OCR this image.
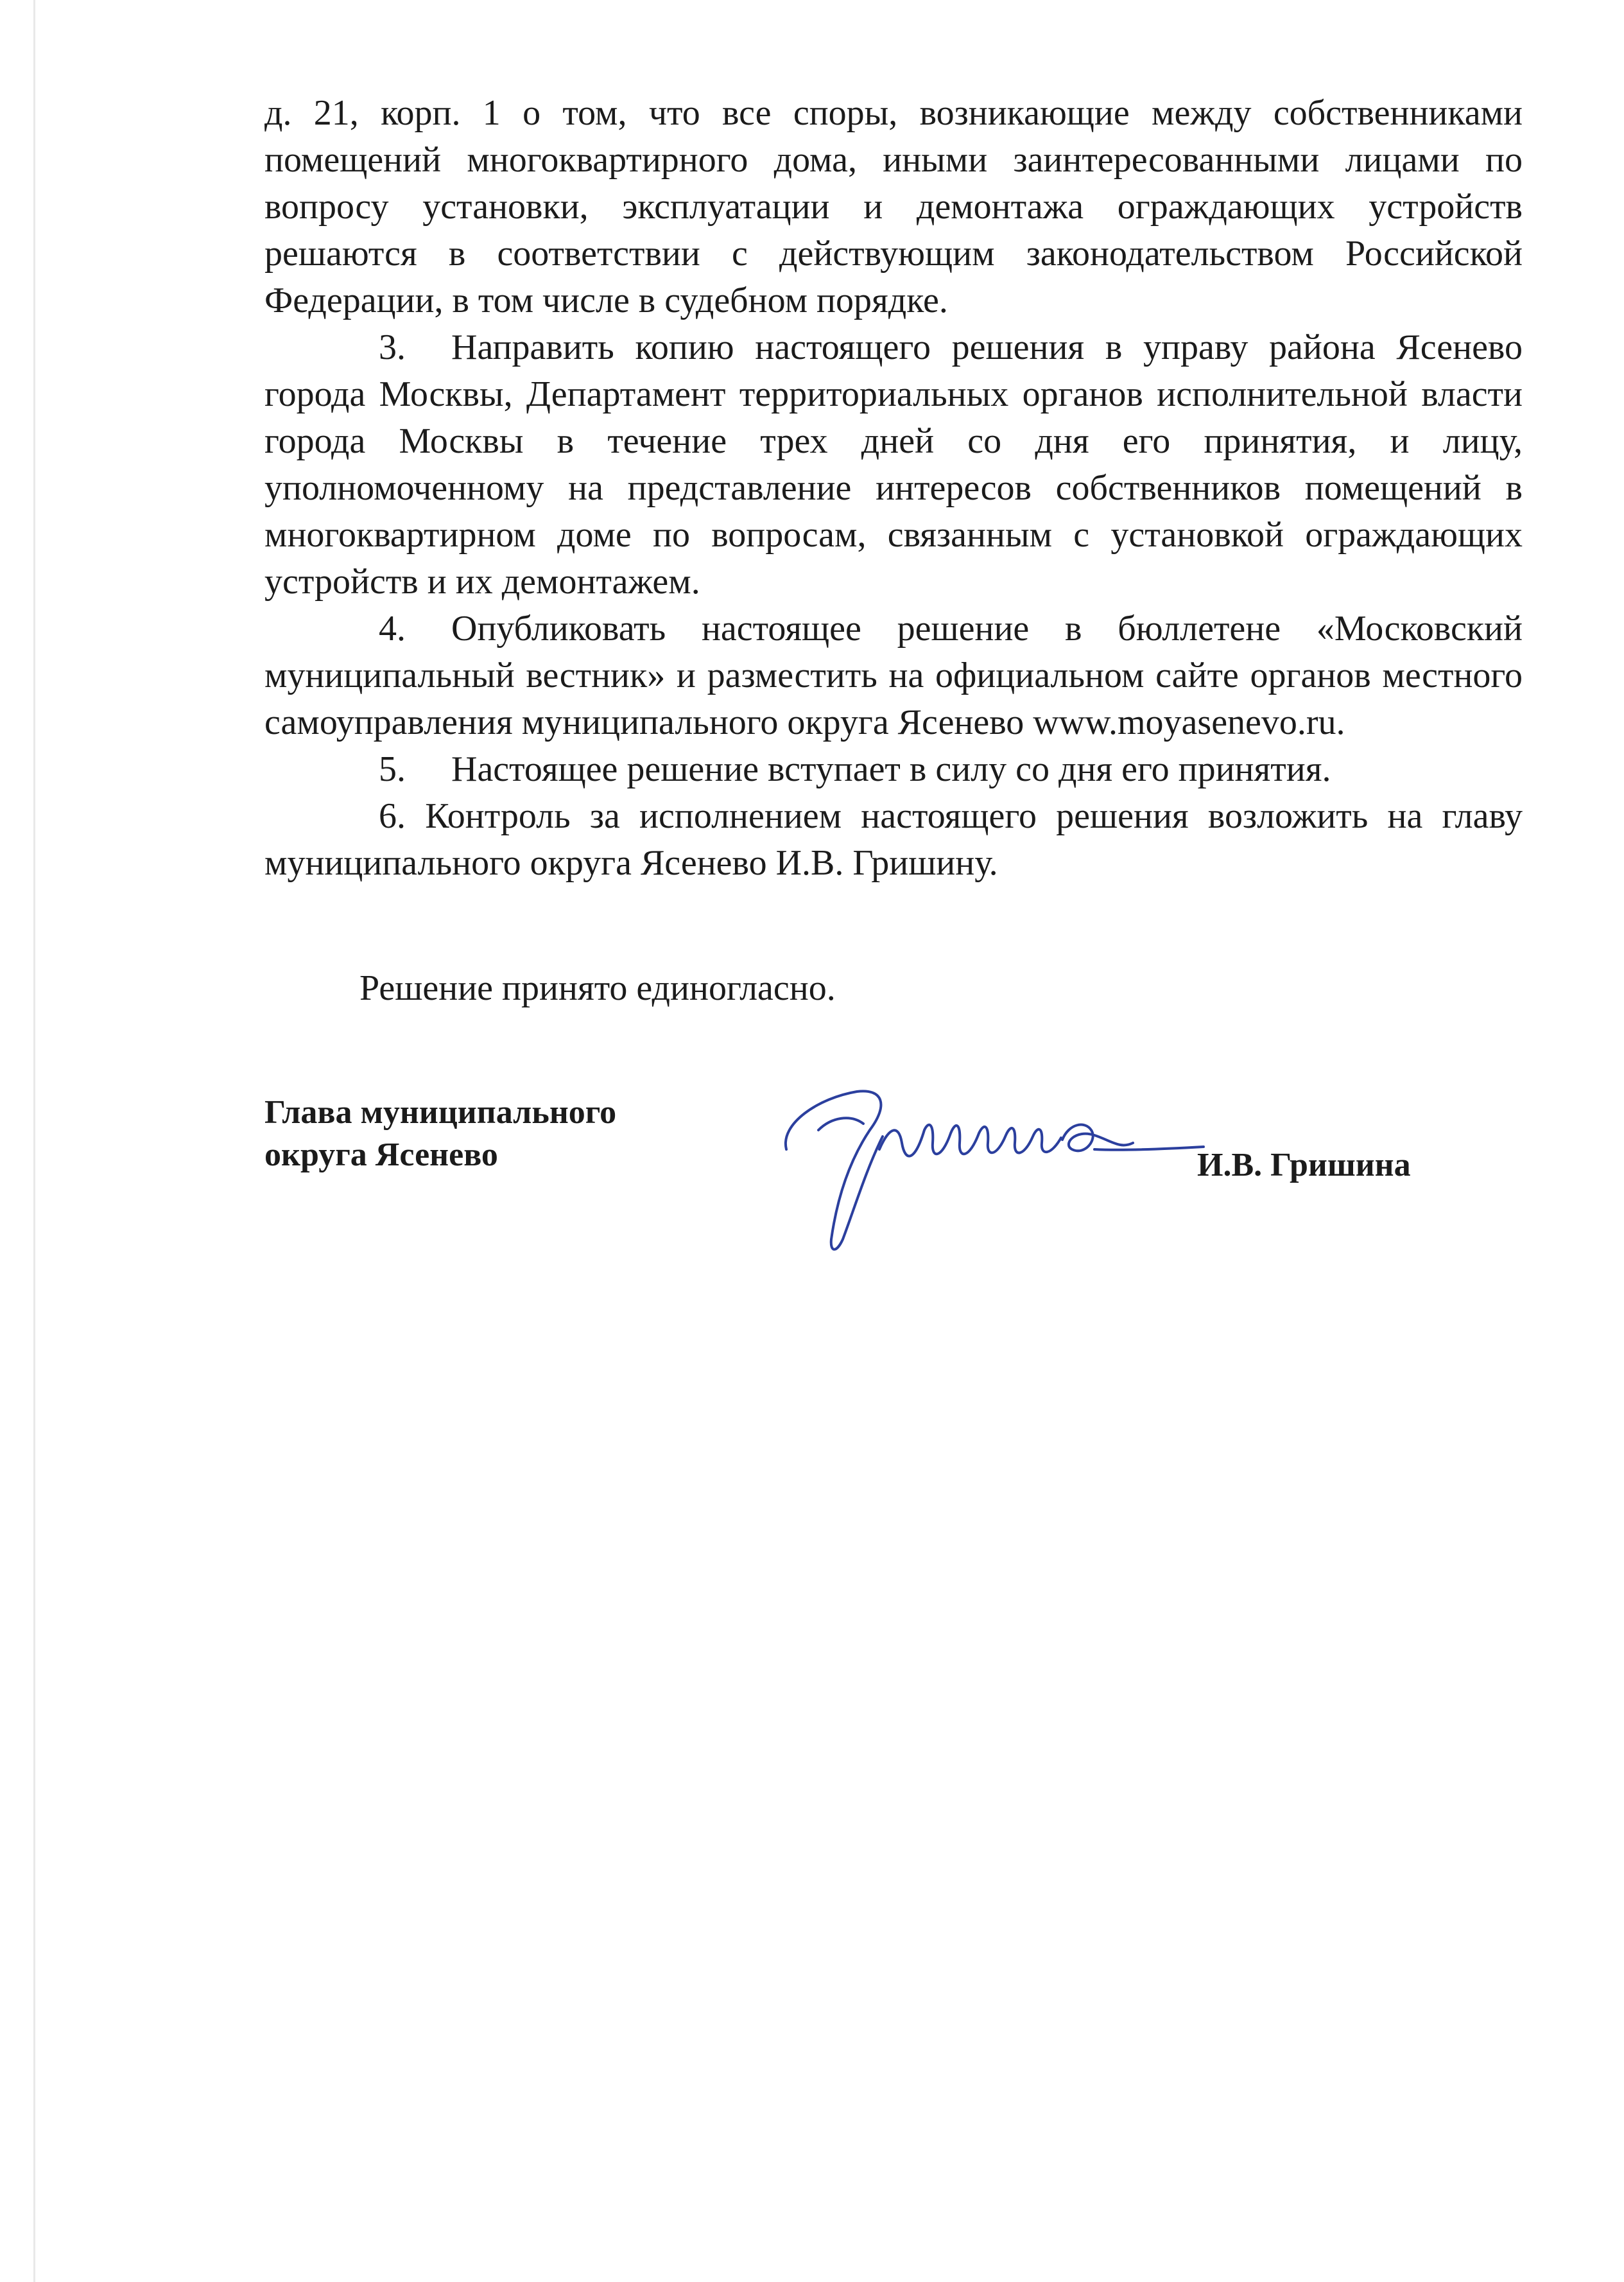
д. 21, корп. 1 о том, что все споры, возникающие между собственниками помещений многоквартирного дома, иными заинтересованными лицами по вопросу установки, эксплуатации и демонтажа ограждающих устройств решаются в соответствии с действующим законодательством Российской Федерации, в том числе в судебном порядке.

3. Направить копию настоящего решения в управу района Ясенево города Москвы, Департамент территориальных органов исполнительной власти города Москвы в течение трех дней со дня его принятия, и лицу, уполномоченному на представление интересов собственников помещений в многоквартирном доме по вопросам, связанным с установкой ограждающих устройств и их демонтажем.

4. Опубликовать настоящее решение в бюллетене «Московский муниципальный вестник» и разместить на официальном сайте органов местного самоуправления муниципального округа Ясенево www.moyasenevo.ru.

5. Настоящее решение вступает в силу со дня его принятия.

6. Контроль за исполнением настоящего решения возложить на главу муниципального округа Ясенево И.В. Гришину.

Решение принято единогласно.

Глава муниципального
округа Ясенево	И.В. Гришина
